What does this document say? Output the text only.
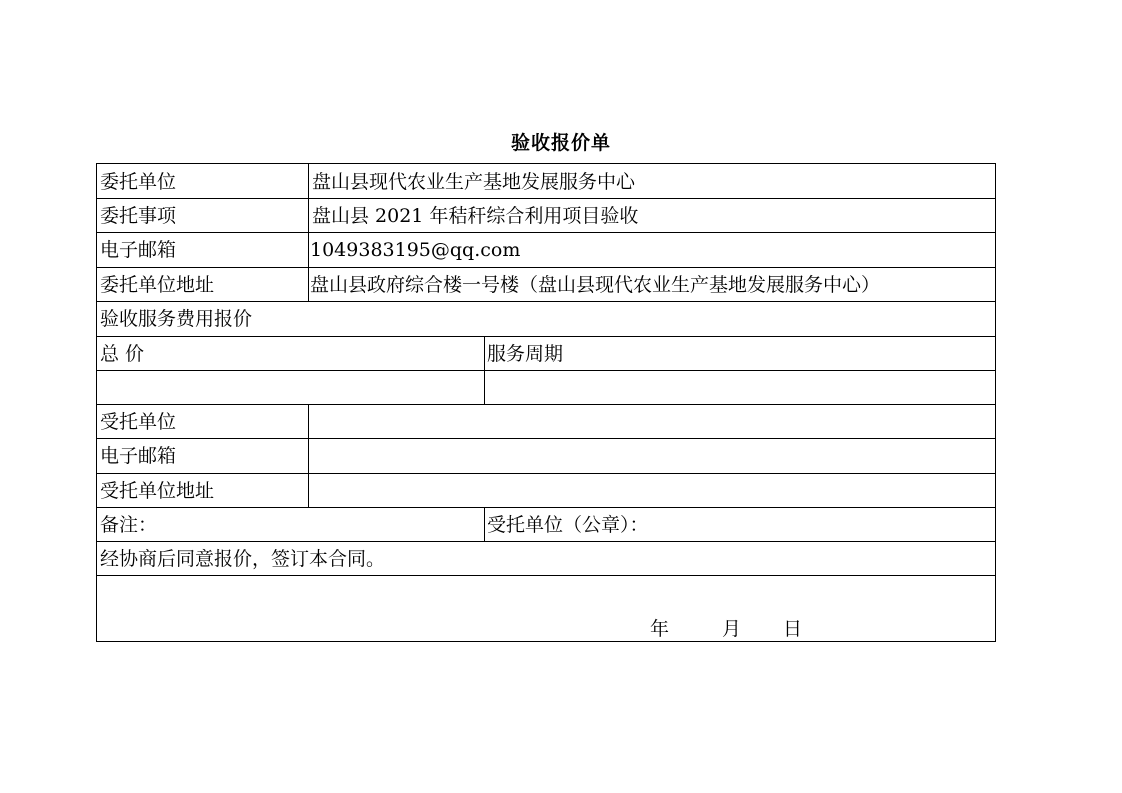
验收报价单
委托单位	盘山县现代农业生产基地发展服务中心
委托事项	盘山县 2021 年秸秆综合利用项目验收
电子邮箱	1049383195@qq.com
委托单位地址	盘山县政府综合楼一号楼（盘山县现代农业生产基地发展服务中心）
验收服务费用报价
总 价	服务周期
受托单位
电子邮箱
受托单位地址
备注：	受托单位（公章）：
经协商后同意报价，签订本合同。
年	月 日
